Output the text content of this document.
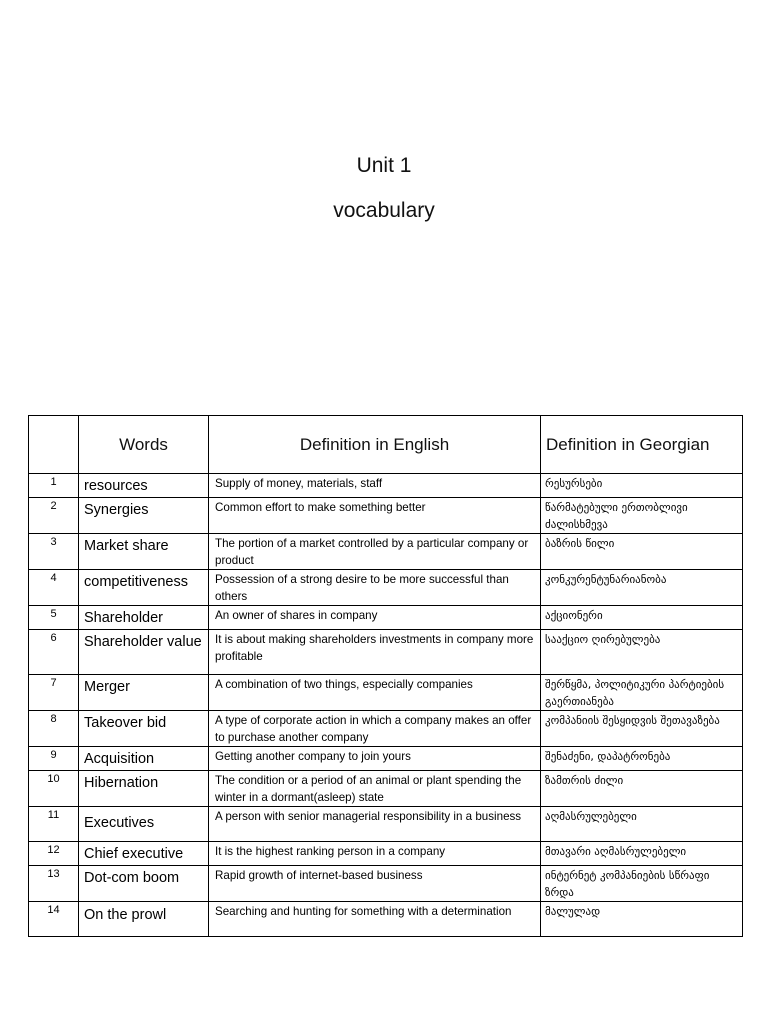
Unit 1
vocabulary
	Words	Definition in English	Definition in Georgian
1	resources	Supply of money, materials, staff	რესურსები
2	Synergies	Common effort to make something better	წარმატებული ერთობლივი ძალისხმევა
3	Market share	The portion of a market controlled by a particular company or product	ბაზრის წილი
4	competitiveness	Possession of a strong desire to be more successful than others	კონკურენტუნარიანობა
5	Shareholder	An owner of shares in company	აქციონერი
6	Shareholder value	It is about making shareholders investments in company more profitable	სააქციო ღირებულება
7	Merger	A combination of two things, especially companies	შერწყმა, პოლიტიკური პარტიების გაერთიანება
8	Takeover bid	A type of corporate action in which a company makes an offer to purchase another company	კომპანიის შესყიდვის შეთავაზება
9	Acquisition	Getting another company to join yours	შენაძენი, დაპატრონება
10	Hibernation	The condition or a period of an animal or plant spending the winter in a dormant(asleep) state	ზამთრის ძილი
11	Executives	A person with senior managerial responsibility in a business	აღმასრულებელი
12	Chief executive	It is the highest ranking person in a company	მთავარი აღმასრულებელი
13	Dot-com boom	Rapid growth of internet-based business	ინტერნეტ კომპანიების სწრაფი ზრდა
14	On the prowl	Searching and hunting for something with a determination	მალულად
